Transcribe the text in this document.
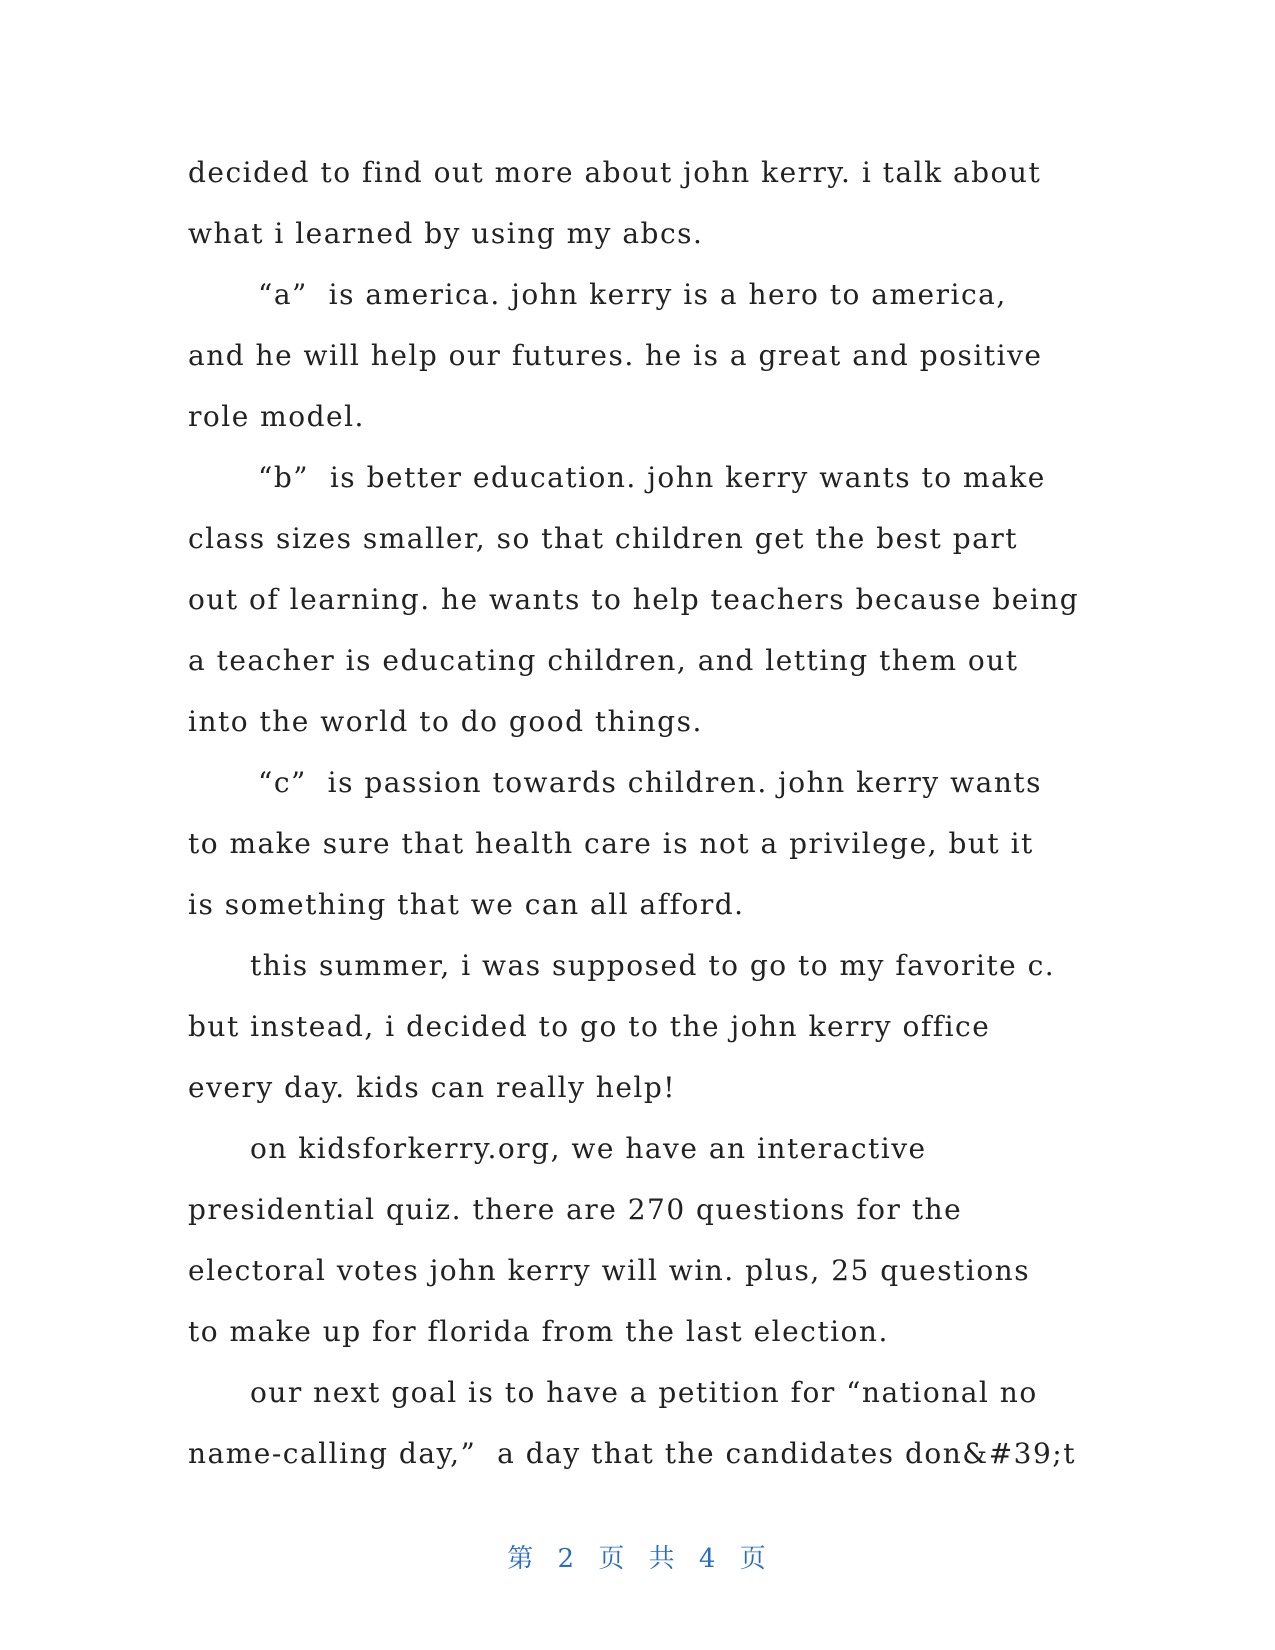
decided to find out more about john kerry. i talk about
what i learned by using my abcs.
“a”  is america. john kerry is a hero to america,
and he will help our futures. he is a great and positive
role model.
“b”  is better education. john kerry wants to make
class sizes smaller, so that children get the best part
out of learning. he wants to help teachers because being
a teacher is educating children, and letting them out
into the world to do good things.
“c”  is passion towards children. john kerry wants
to make sure that health care is not a privilege, but it
is something that we can all afford.
this summer, i was supposed to go to my favorite c.
but instead, i decided to go to the john kerry office
every day. kids can really help!
on kidsforkerry.org, we have an interactive
presidential quiz. there are 270 questions for the
electoral votes john kerry will win. plus, 25 questions
to make up for florida from the last election.
our next goal is to have a petition for “national no
name-calling day,”  a day that the candidates don&#39;t
第 2 页 共 4 页
